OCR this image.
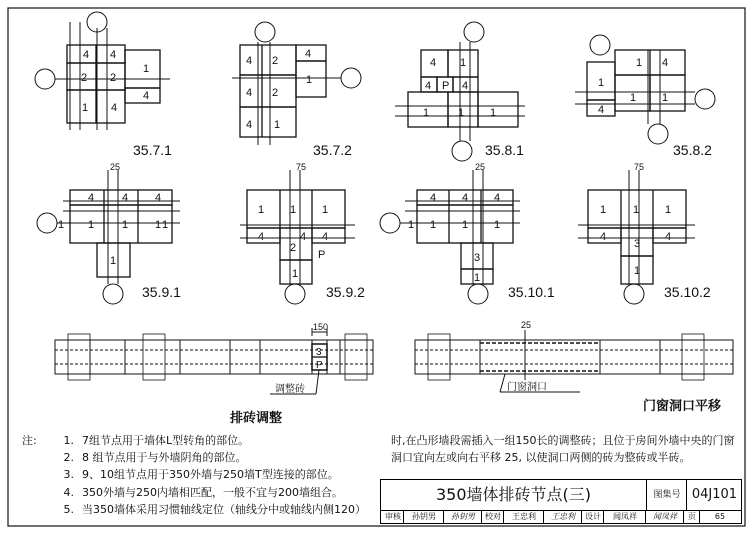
4 4
2 2
1
1
4
4
4
2
4
4 2
1
4 1
4 1
4 P 4
1	1 1
1
4
1
1
1
4
25
4	4 4
1	1 1
1
1	1
75
1 1 1
4	4
2
4
P
1
25
4 4 4
1 1 1
1
3
1
75
1 1 1
4	4
3
1
150
3
P
调整砖
排砖调整
25
门窗洞口
门窗洞口平移
35.7.1	35.7.2	35.8.1	35.8.2
35.9.1	35.9.2	35.10.1	35.10.2
注:	1. 7组节点用于墙体L型转角的部位。
2. 8 组节点用于与外墙阴角的部位。
3. 9、10组节点用于350外墙与250墙T型连接的部位。
4. 350外墙与250内墙相匹配，一般不宜与200墙组合。
5. 当350墙体采用习惯轴线定位（轴线分中或轴线内侧120）
时,在凸形墙段需插入一组150长的调整砖；且位于房间外墙中央的门窗洞口宜向左或向右平移 25, 以使洞口两侧的砖为整砖或半砖。
350墙体排砖节点(三)	图集号 04J101
审核	孙钥男	孙钥男	校对	王忠利	王忠利	设计	闻凤祥	闻凤祥	页	65
